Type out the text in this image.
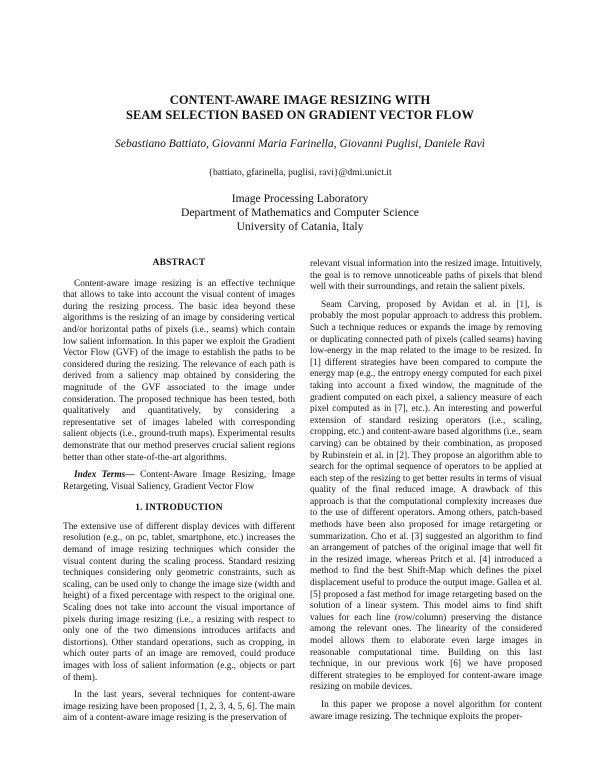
CONTENT-AWARE IMAGE RESIZING WITH
SEAM SELECTION BASED ON GRADIENT VECTOR FLOW
Sebastiano Battiato, Giovanni Maria Farinella, Giovanni Puglisi, Daniele Ravì
{battiato, gfarinella, puglisi, ravi}@dmi.unict.it
Image Processing Laboratory
Department of Mathematics and Computer Science
University of Catania, Italy
ABSTRACT

Content-aware image resizing is an effective technique that allows to take into account the visual content of images during the resizing process. The basic idea beyond these algorithms is the resizing of an image by considering vertical and/or horizontal paths of pixels (i.e., seams) which contain low salient information. In this paper we exploit the Gradient Vector Flow (GVF) of the image to establish the paths to be considered during the resizing. The relevance of each path is derived from a saliency map obtained by considering the magnitude of the GVF associated to the image under consideration. The proposed technique has been tested, both qualitatively and quantitatively, by considering a representative set of images labeled with corresponding salient objects (i.e., ground-truth maps). Experimental results demonstrate that our method preserves crucial salient regions better than other state-of-the-art algorithms.

Index Terms— Content-Aware Image Resizing, Image Retargeting, Visual Saliency, Gradient Vector Flow

1. INTRODUCTION

The extensive use of different display devices with different resolution (e.g., on pc, tablet, smartphone, etc.) increases the demand of image resizing techniques which consider the visual content during the scaling process. Standard resizing techniques considering only geometric constraints, such as scaling, can be used only to change the image size (width and height) of a fixed percentage with respect to the original one. Scaling does not take into account the visual importance of pixels during image resizing (i.e., a resizing with respect to only one of the two dimensions introduces artifacts and distortions). Other standard operations, such as cropping, in which outer parts of an image are removed, could produce images with loss of salient information (e.g., objects or part of them).

In the last years, several techniques for content-aware image resizing have been proposed [1, 2, 3, 4, 5, 6]. The main aim of a content-aware image resizing is the preservation of

relevant visual information into the resized image. Intuitively, the goal is to remove unnoticeable paths of pixels that blend well with their surroundings, and retain the salient pixels.

Seam Carving, proposed by Avidan et al. in [1], is probably the most popular approach to address this problem. Such a technique reduces or expands the image by removing or duplicating connected path of pixels (called seams) having low-energy in the map related to the image to be resized. In [1] different strategies have been compared to compute the energy map (e.g., the entropy energy computed for each pixel taking into account a fixed window, the magnitude of the gradient computed on each pixel, a saliency measure of each pixel computed as in [7], etc.). An interesting and powerful extension of standard resizing operators (i.e., scaling, cropping, etc.) and content-aware based algorithms (i.e., seam carving) can be obtained by their combination, as proposed by Rubinstein et al. in [2]. They propose an algorithm able to search for the optimal sequence of operators to be applied at each step of the resizing to get better results in terms of visual quality of the final reduced image. A drawback of this approach is that the computational complexity increases due to the use of different operators. Among others, patch-based methods have been also proposed for image retargeting or summarization. Cho et al. [3] suggested an algorithm to find an arrangement of patches of the original image that well fit in the resized image, whereas Pritch et al. [4] introduced a method to find the best Shift-Map which defines the pixel displacement useful to produce the output image. Gallea et al. [5] proposed a fast method for image retargeting based on the solution of a linear system. This model aims to find shift values for each line (row/column) preserving the distance among the relevant ones. The linearity of the considered model allows them to elaborate even large images in reasonable computational time. Building on this last technique, in our previous work [6] we have proposed different strategies to be employed for content-aware image resizing on mobile devices.

In this paper we propose a novel algorithm for content aware image resizing. The technique exploits the proper-
